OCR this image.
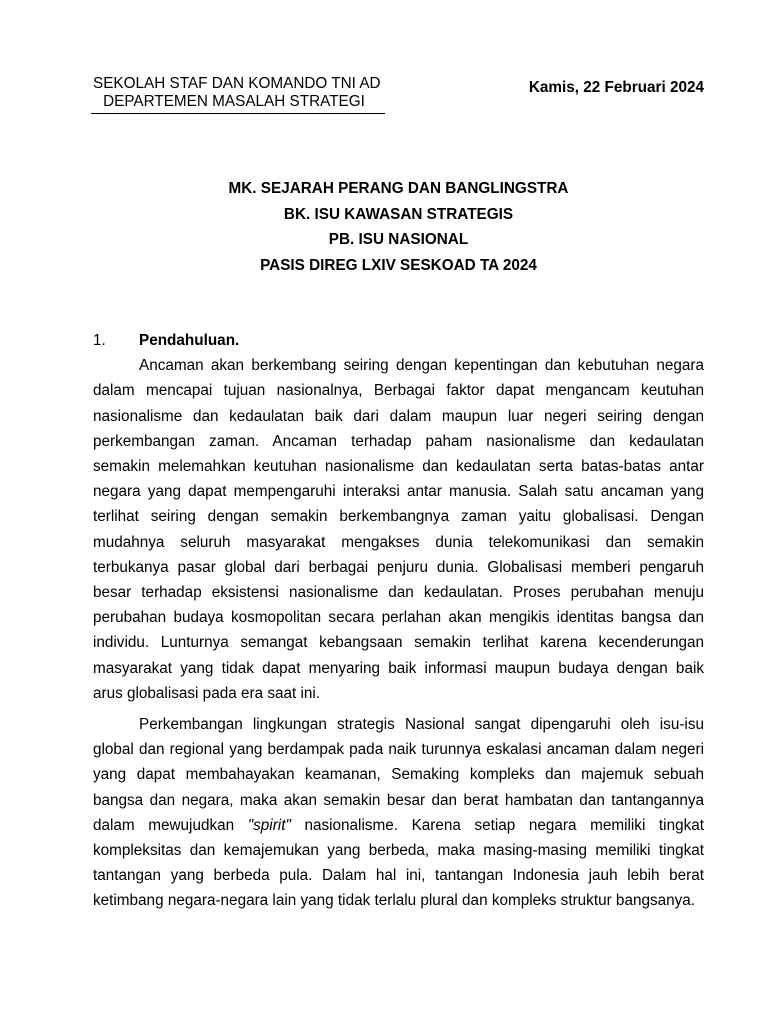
SEKOLAH STAF DAN KOMANDO TNI AD
DEPARTEMEN MASALAH STRATEGI
Kamis, 22 Februari 2024
MK. SEJARAH PERANG DAN BANGLINGSTRA
BK. ISU KAWASAN STRATEGIS
PB. ISU NASIONAL
PASIS DIREG LXIV SESKOAD TA 2024
1.	Pendahuluan.
Ancaman akan berkembang seiring dengan kepentingan dan kebutuhan negara
dalam mencapai tujuan nasionalnya, Berbagai faktor dapat mengancam keutuhan
nasionalisme dan kedaulatan baik dari dalam maupun luar negeri seiring dengan
perkembangan zaman. Ancaman terhadap paham nasionalisme dan kedaulatan
semakin melemahkan keutuhan nasionalisme dan kedaulatan serta batas-batas antar
negara yang dapat mempengaruhi interaksi antar manusia. Salah satu ancaman yang
terlihat seiring dengan semakin berkembangnya zaman yaitu globalisasi. Dengan
mudahnya seluruh masyarakat mengakses dunia telekomunikasi dan semakin
terbukanya pasar global dari berbagai penjuru dunia. Globalisasi memberi pengaruh
besar terhadap eksistensi nasionalisme dan kedaulatan. Proses perubahan menuju
perubahan budaya kosmopolitan secara perlahan akan mengikis identitas bangsa dan
individu. Lunturnya semangat kebangsaan semakin terlihat karena kecenderungan
masyarakat yang tidak dapat menyaring baik informasi maupun budaya dengan baik
arus globalisasi pada era saat ini.
Perkembangan lingkungan strategis Nasional sangat dipengaruhi oleh isu-isu
global dan regional yang berdampak pada naik turunnya eskalasi ancaman dalam negeri
yang dapat membahayakan keamanan, Semaking kompleks dan majemuk sebuah
bangsa dan negara, maka akan semakin besar dan berat hambatan dan tantangannya
dalam mewujudkan "spirit" nasionalisme. Karena setiap negara memiliki tingkat
kompleksitas dan kemajemukan yang berbeda, maka masing-masing memiliki tingkat
tantangan yang berbeda pula. Dalam hal ini, tantangan Indonesia jauh lebih berat
ketimbang negara-negara lain yang tidak terlalu plural dan kompleks struktur bangsanya.
